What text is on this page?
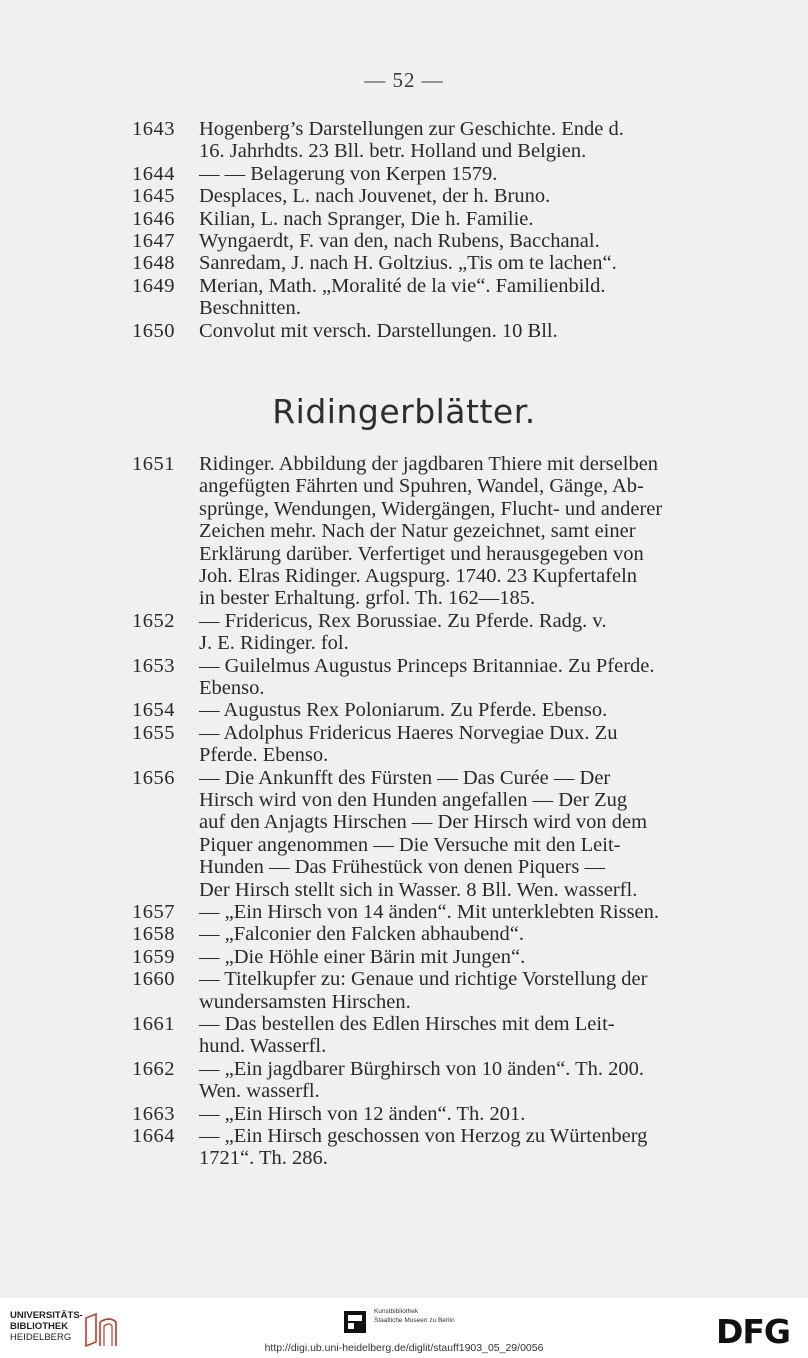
— 52 —
Ridingerblätter.
1643	Hogenberg’s Darstellungen zur Geschichte. Ende d.
16. Jahrhdts. 23 Bll. betr. Holland und Belgien.
1644	— — Belagerung von Kerpen 1579.
1645	Desplaces, L. nach Jouvenet, der h. Bruno.
1646	Kilian, L. nach Spranger, Die h. Familie.
1647	Wyngaerdt, F. van den, nach Rubens, Bacchanal.
1648	Sanredam, J. nach H. Goltzius. „Tis om te lachen“.
1649	Merian, Math. „Moralité de la vie“. Familienbild.
Beschnitten.
1650	Convolut mit versch. Darstellungen. 10 Bll.
1651	Ridinger. Abbildung der jagdbaren Thiere mit derselben
angefügten Fährten und Spuhren, Wandel, Gänge, Ab-
sprünge, Wendungen, Widergängen, Flucht- und anderer
Zeichen mehr. Nach der Natur gezeichnet, samt einer
Erklärung darüber. Verfertiget und herausgegeben von
Joh. Elras Ridinger. Augspurg. 1740. 23 Kupfertafeln
in bester Erhaltung. grfol. Th. 162—185.
1652	— Fridericus, Rex Borussiae. Zu Pferde. Radg. v.
J. E. Ridinger. fol.
1653	— Guilelmus Augustus Princeps Britanniae. Zu Pferde.
Ebenso.
1654	— Augustus Rex Poloniarum. Zu Pferde. Ebenso.
1655	— Adolphus Fridericus Haeres Norvegiae Dux. Zu
Pferde. Ebenso.
1656	— Die Ankunfft des Fürsten — Das Curée — Der
Hirsch wird von den Hunden angefallen — Der Zug
auf den Anjagts Hirschen — Der Hirsch wird von dem
Piquer angenommen — Die Versuche mit den Leit-
Hunden — Das Frühestück von denen Piquers —
Der Hirsch stellt sich in Wasser. 8 Bll. Wen. wasserfl.
1657	— „Ein Hirsch von 14 änden“. Mit unterklebten Rissen.
1658	— „Falconier den Falcken abhaubend“.
1659	— „Die Höhle einer Bärin mit Jungen“.
1660	— Titelkupfer zu: Genaue und richtige Vorstellung der
wundersamsten Hirschen.
1661	— Das bestellen des Edlen Hirsches mit dem Leit-
hund. Wasserfl.
1662	— „Ein jagdbarer Bürghirsch von 10 änden“. Th. 200.
Wen. wasserfl.
1663	— „Ein Hirsch von 12 änden“. Th. 201.
1664	— „Ein Hirsch geschossen von Herzog zu Würtenberg
1721“. Th. 286.
UNIVERSITÄTS-
BIBLIOTHEK
HEIDELBERG
Kunstbibliothek
Staatliche Museen zu Berlin	DFG
http://digi.ub.uni-heidelberg.de/diglit/stauff1903_05_29/0056
